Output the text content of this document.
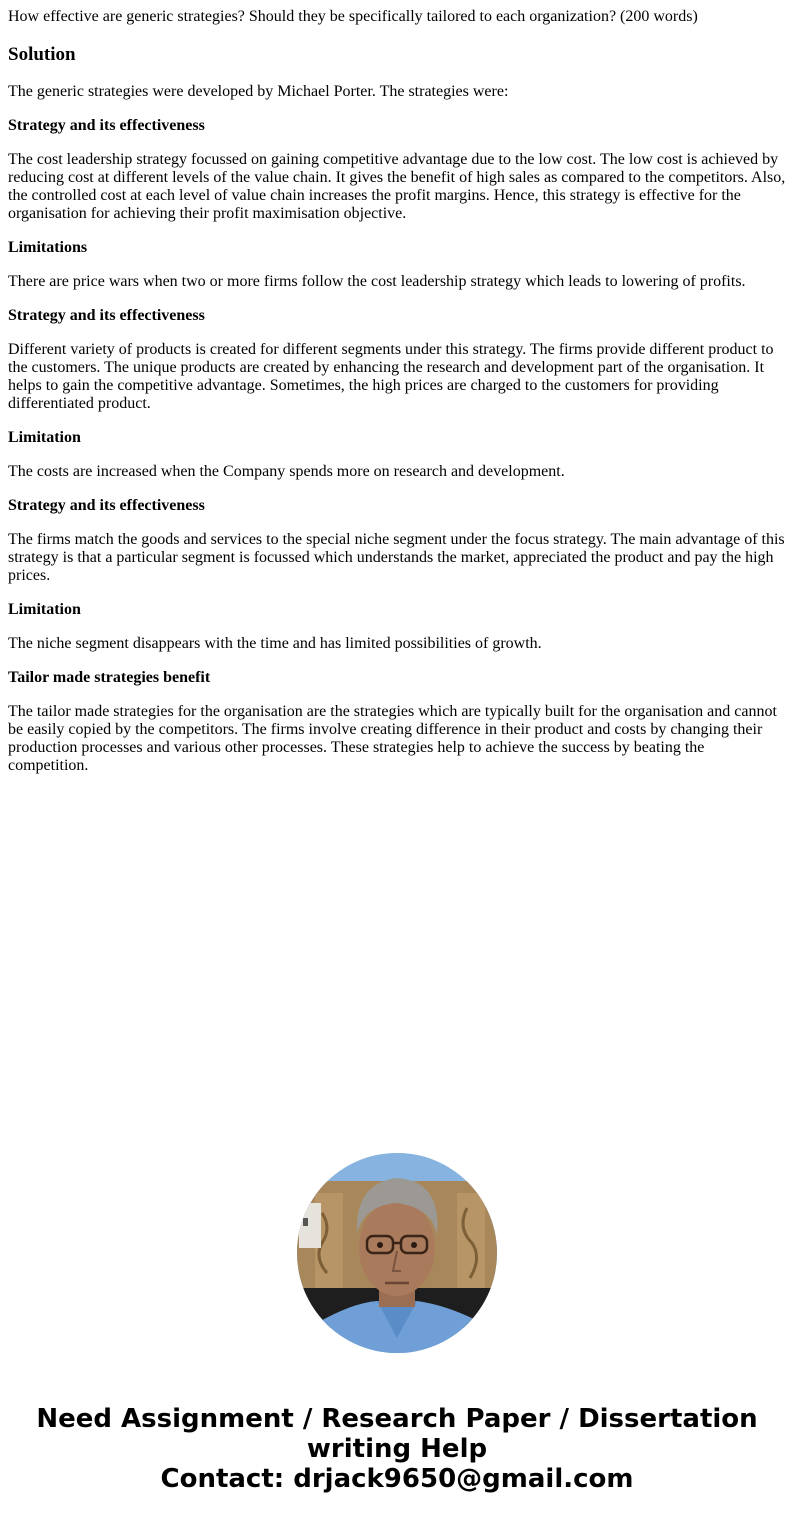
How effective are generic strategies? Should they be specifically tailored to each organization? (200 words)
Solution

The generic strategies were developed by Michael Porter. The strategies were:

Strategy and its effectiveness

The cost leadership strategy focussed on gaining competitive advantage due to the low cost. The low cost is achieved by reducing cost at different levels of the value chain. It gives the benefit of high sales as compared to the competitors. Also, the controlled cost at each level of value chain increases the profit margins. Hence, this strategy is effective for the organisation for achieving their profit maximisation objective.

Limitations

There are price wars when two or more firms follow the cost leadership strategy which leads to lowering of profits.

Strategy and its effectiveness

Different variety of products is created for different segments under this strategy. The firms provide different product to the customers. The unique products are created by enhancing the research and development part of the organisation. It helps to gain the competitive advantage. Sometimes, the high prices are charged to the customers for providing differentiated product.

Limitation

The costs are increased when the Company spends more on research and development.

Strategy and its effectiveness

The firms match the goods and services to the special niche segment under the focus strategy. The main advantage of this strategy is that a particular segment is focussed which understands the market, appreciated the product and pay the high prices.

Limitation

The niche segment disappears with the time and has limited possibilities of growth.

Tailor made strategies benefit

The tailor made strategies for the organisation are the strategies which are typically built for the organisation and cannot be easily copied by the competitors. The firms involve creating difference in their product and costs by changing their production processes and various other processes. These strategies help to achieve the success by beating the competition.

Need Assignment / Research Paper / Dissertation
writing Help
Contact: drjack9650@gmail.com
